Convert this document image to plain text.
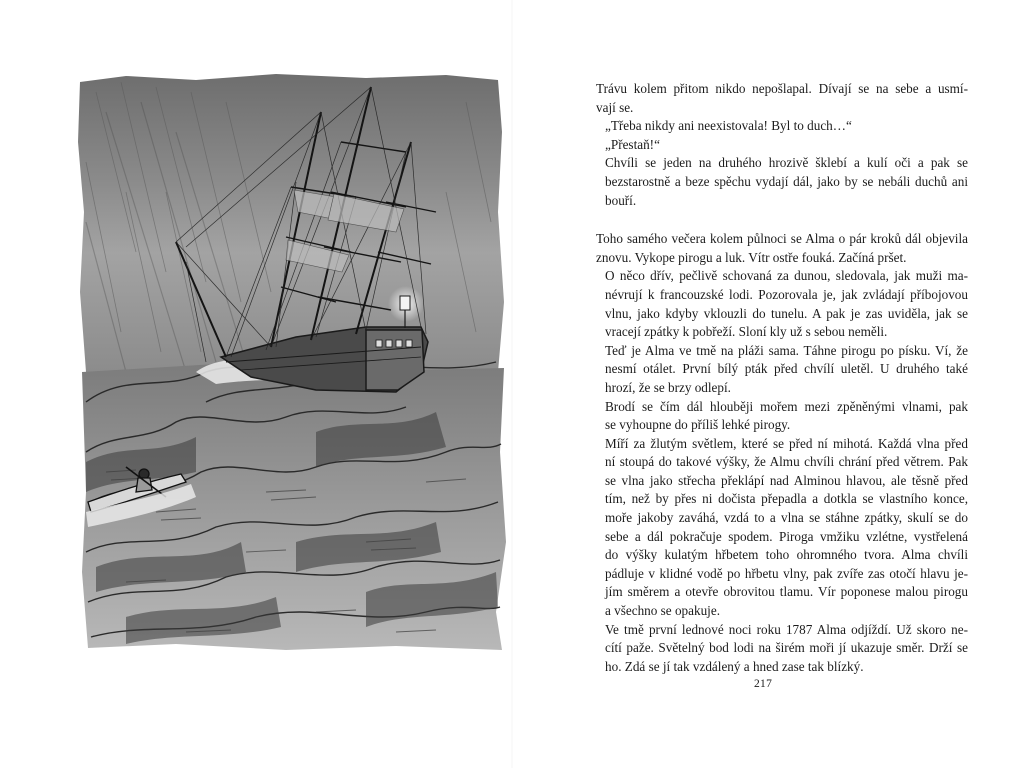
Trávu kolem přitom nikdo nepošlapal. Dívají se na sebe a usmí-
vají se.

„Třeba nikdy ani neexistovala! Byl to duch…“

„Přestaň!“

Chvíli se jeden na druhého hrozivě šklebí a kulí oči a pak se
bezstarostně a beze spěchu vydají dál, jako by se nebáli duchů ani
bouří.

Toho samého večera kolem půlnoci se Alma o pár kroků dál objevila
znovu. Vykope pirogu a luk. Vítr ostře fouká. Začíná pršet.

O něco dřív, pečlivě schovaná za dunou, sledovala, jak muži ma-
névrují k francouzské lodi. Pozorovala je, jak zvládají příbojovou
vlnu, jako kdyby vklouzli do tunelu. A pak je zas uviděla, jak se
vracejí zpátky k pobřeží. Sloní kly už s sebou neměli.

Teď je Alma ve tmě na pláži sama. Táhne pirogu po písku. Ví, že
nesmí otálet. První bílý pták před chvílí uletěl. U druhého také
hrozí, že se brzy odlepí.

Brodí se čím dál hlouběji mořem mezi zpěněnými vlnami, pak
se vyhoupne do příliš lehké pirogy.

Míří za žlutým světlem, které se před ní mihotá. Každá vlna před
ní stoupá do takové výšky, že Almu chvíli chrání před větrem. Pak
se vlna jako střecha překlápí nad Alminou hlavou, ale těsně před
tím, než by přes ni dočista přepadla a dotkla se vlastního konce,
moře jakoby zaváhá, vzdá to a vlna se stáhne zpátky, skulí se do
sebe a dál pokračuje spodem. Piroga vmžiku vzlétne, vystřelená
do výšky kulatým hřbetem toho ohromného tvora. Alma chvíli
pádluje v klidné vodě po hřbetu vlny, pak zvíře zas otočí hlavu je-
jím směrem a otevře obrovitou tlamu. Vír poponese malou pirogu
a všechno se opakuje.

Ve tmě první lednové noci roku 1787 Alma odjíždí. Už skoro ne-
cítí paže. Světelný bod lodi na širém moři jí ukazuje směr. Drží se
ho. Zdá se jí tak vzdálený a hned zase tak blízký.

217
